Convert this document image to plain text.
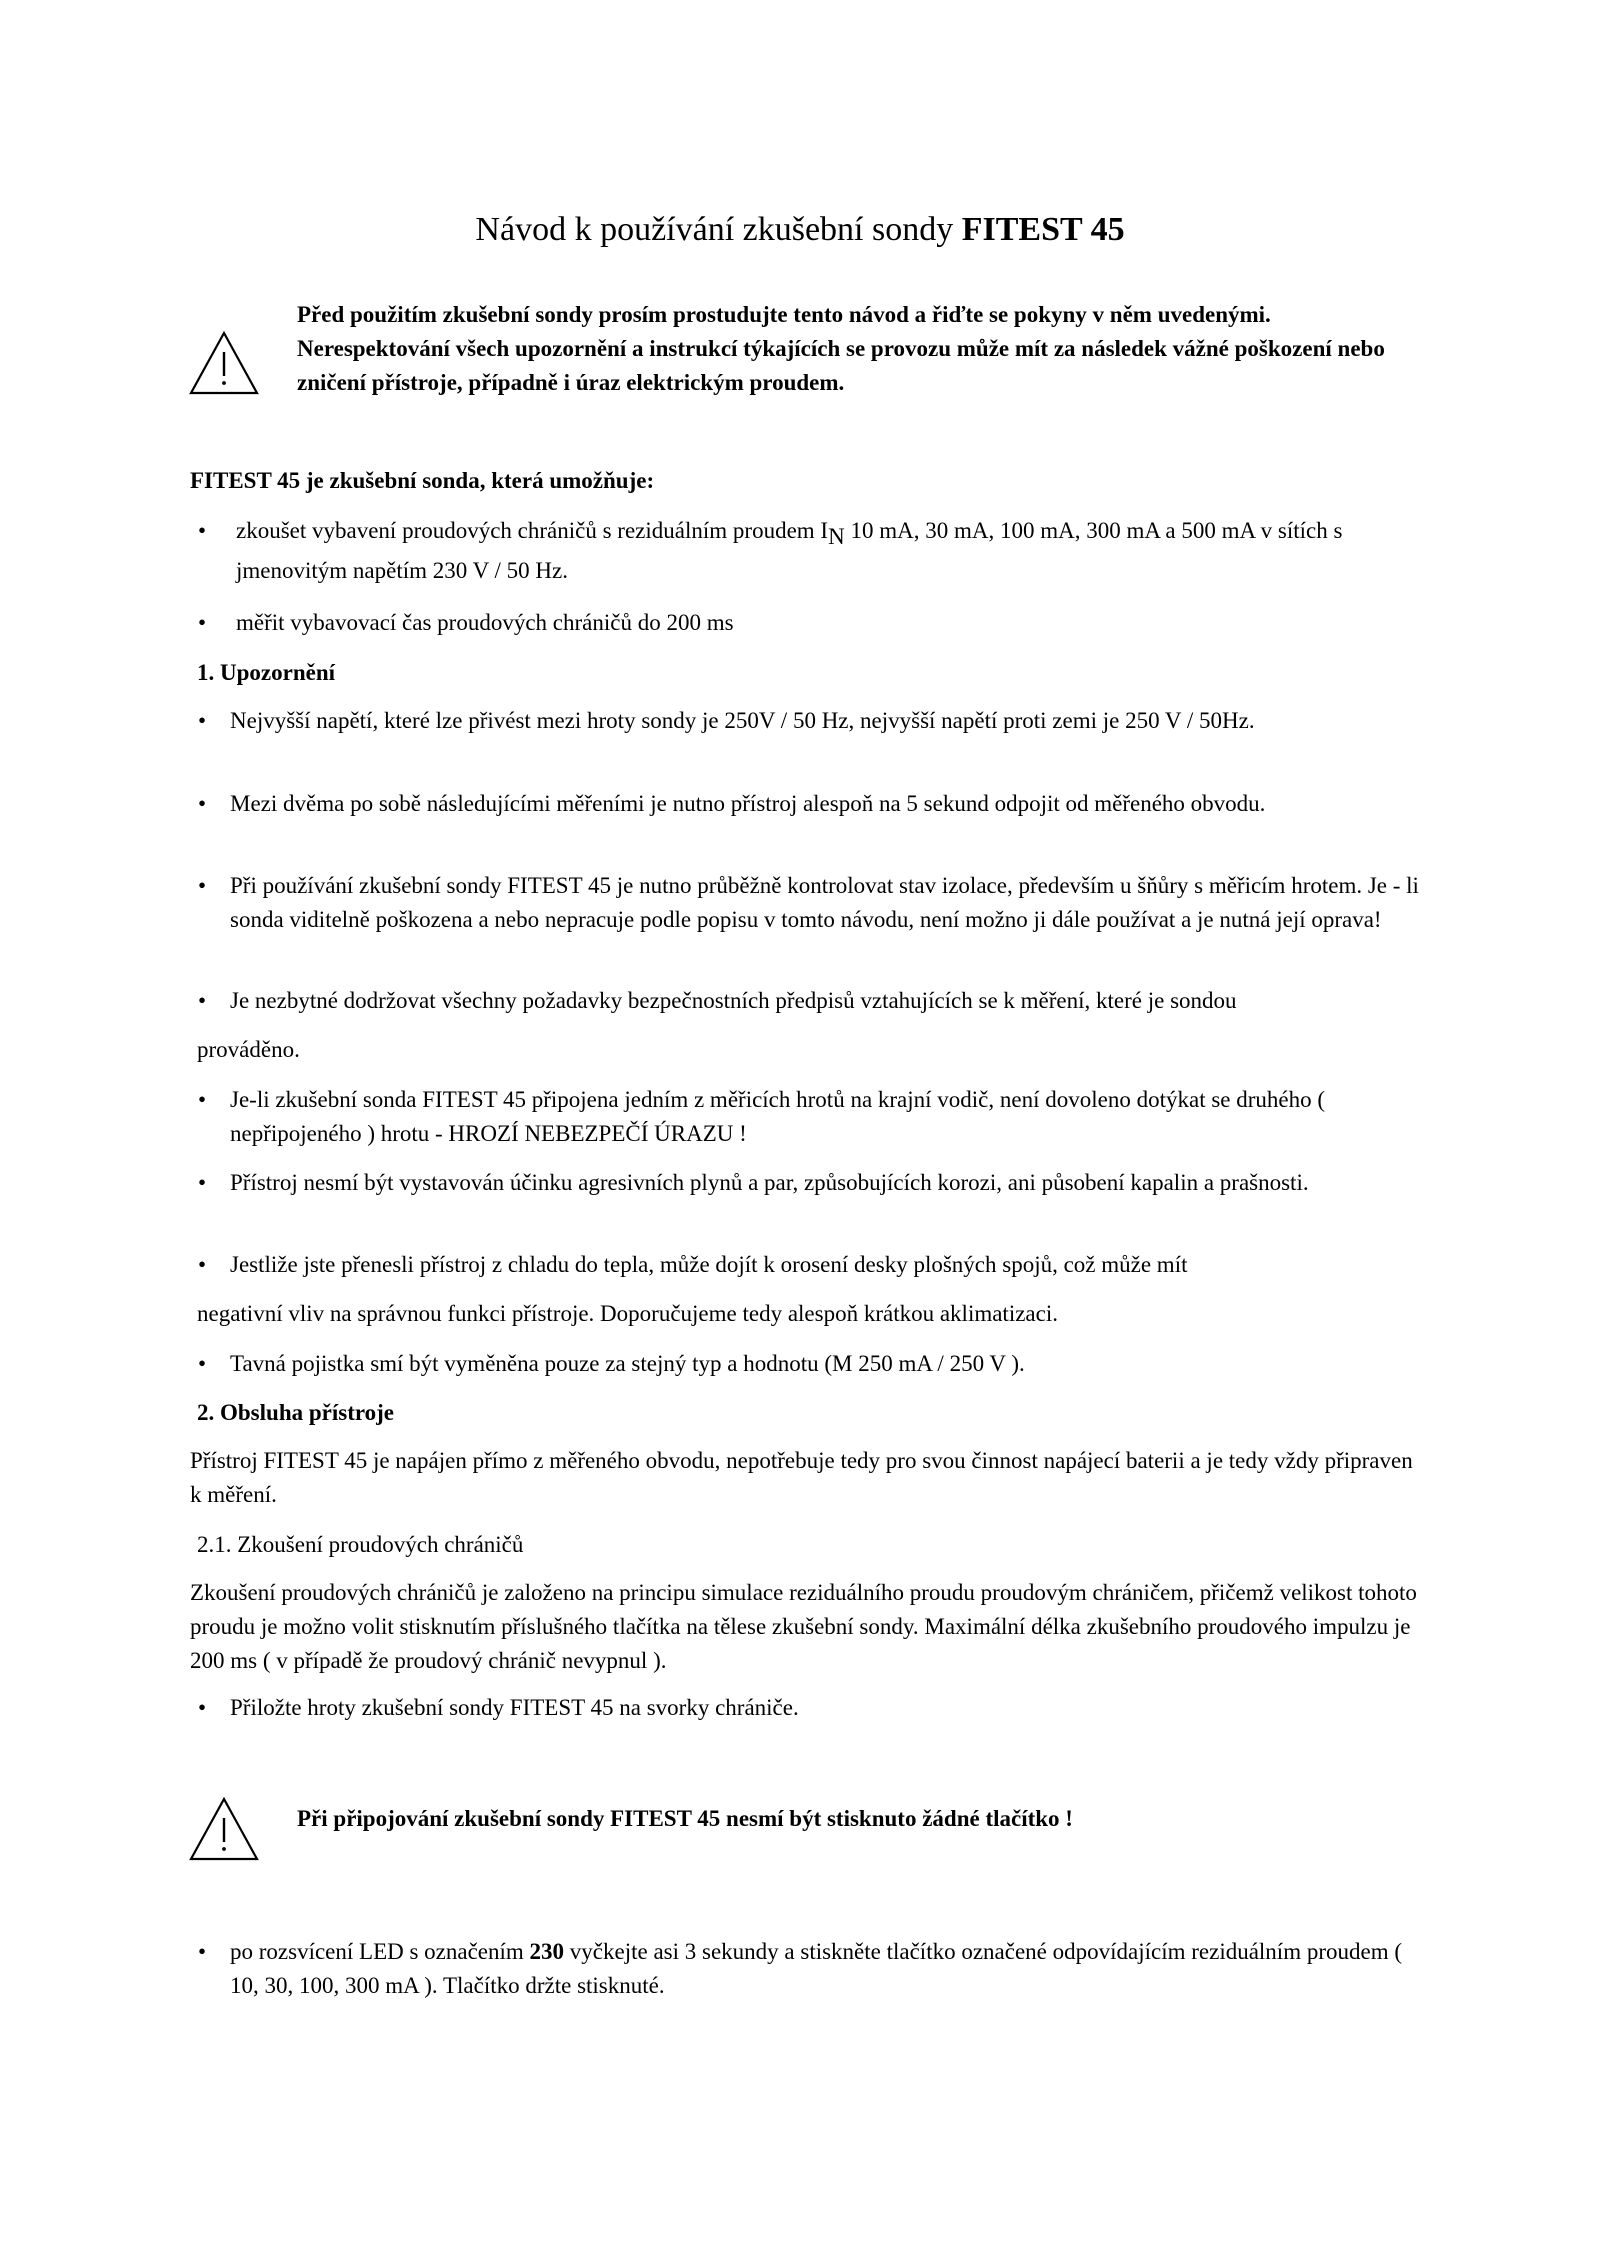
Návod k používání zkušební sondy FITEST 45
Před použitím zkušební sondy prosím prostudujte tento návod a řiďte se pokyny v něm uvedenými. Nerespektování všech upozornění a instrukcí týkajících se provozu může mít za následek vážné poškození nebo zničení přístroje, případně i úraz elektrickým proudem.
FITEST 45 je zkušební sonda, která umožňuje:
• zkoušet vybavení proudových chráničů s reziduálním proudem $I_N$ 10 mA, 30 mA, 100 mA, 300 mA a 500 mA v sítích s jmenovitým napětím 230 V / 50 Hz.
• měřit vybavovací čas proudových chráničů do 200 ms
1. Upozornění
• Nejvyšší napětí, které lze přivést mezi hroty sondy je 250V / 50 Hz, nejvyšší napětí proti zemi je 250 V / 50Hz.
• Mezi dvěma po sobě následujícími měřeními je nutno přístroj alespoň na 5 sekund odpojit od měřeného obvodu.
• Při používání zkušební sondy FITEST 45 je nutno průběžně kontrolovat stav izolace, především u šňůry s měřicím hrotem. Je - li sonda viditelně poškozena a nebo nepracuje podle popisu v tomto návodu, není možno ji dále používat a je nutná její oprava!
• Je nezbytné dodržovat všechny požadavky bezpečnostních předpisů vztahujících se k měření, které je sondou
prováděno.
• Je-li zkušební sonda FITEST 45 připojena jedním z měřicích hrotů na krajní vodič, není dovoleno dotýkat se druhého ( nepřipojeného ) hrotu - HROZÍ NEBEZPEČÍ ÚRAZU !
• Přístroj nesmí být vystavován účinku agresivních plynů a par, způsobujících korozi, ani působení kapalin a prašnosti.
• Jestliže jste přenesli přístroj z chladu do tepla, může dojít k orosení desky plošných spojů, což může mít
negativní vliv na správnou funkci přístroje. Doporučujeme tedy alespoň krátkou aklimatizaci.
• Tavná pojistka smí být vyměněna pouze za stejný typ a hodnotu (M 250 mA / 250 V ).
2. Obsluha přístroje
Přístroj FITEST 45 je napájen přímo z měřeného obvodu, nepotřebuje tedy pro svou činnost napájecí baterii a je tedy vždy připraven k měření.
2.1. Zkoušení proudových chráničů
Zkoušení proudových chráničů je založeno na principu simulace reziduálního proudu proudovým chráničem, přičemž velikost tohoto proudu je možno volit stisknutím příslušného tlačítka na tělese zkušební sondy. Maximální délka zkušebního proudového impulzu je 200 ms ( v případě že proudový chránič nevypnul ).
• Přiložte hroty zkušební sondy FITEST 45 na svorky chrániče.
Při připojování zkušební sondy FITEST 45 nesmí být stisknuto žádné tlačítko !
• po rozsvícení LED s označením 230 vyčkejte asi 3 sekundy a stiskněte tlačítko označené odpovídajícím reziduálním proudem ( 10, 30, 100, 300 mA ). Tlačítko držte stisknuté.
